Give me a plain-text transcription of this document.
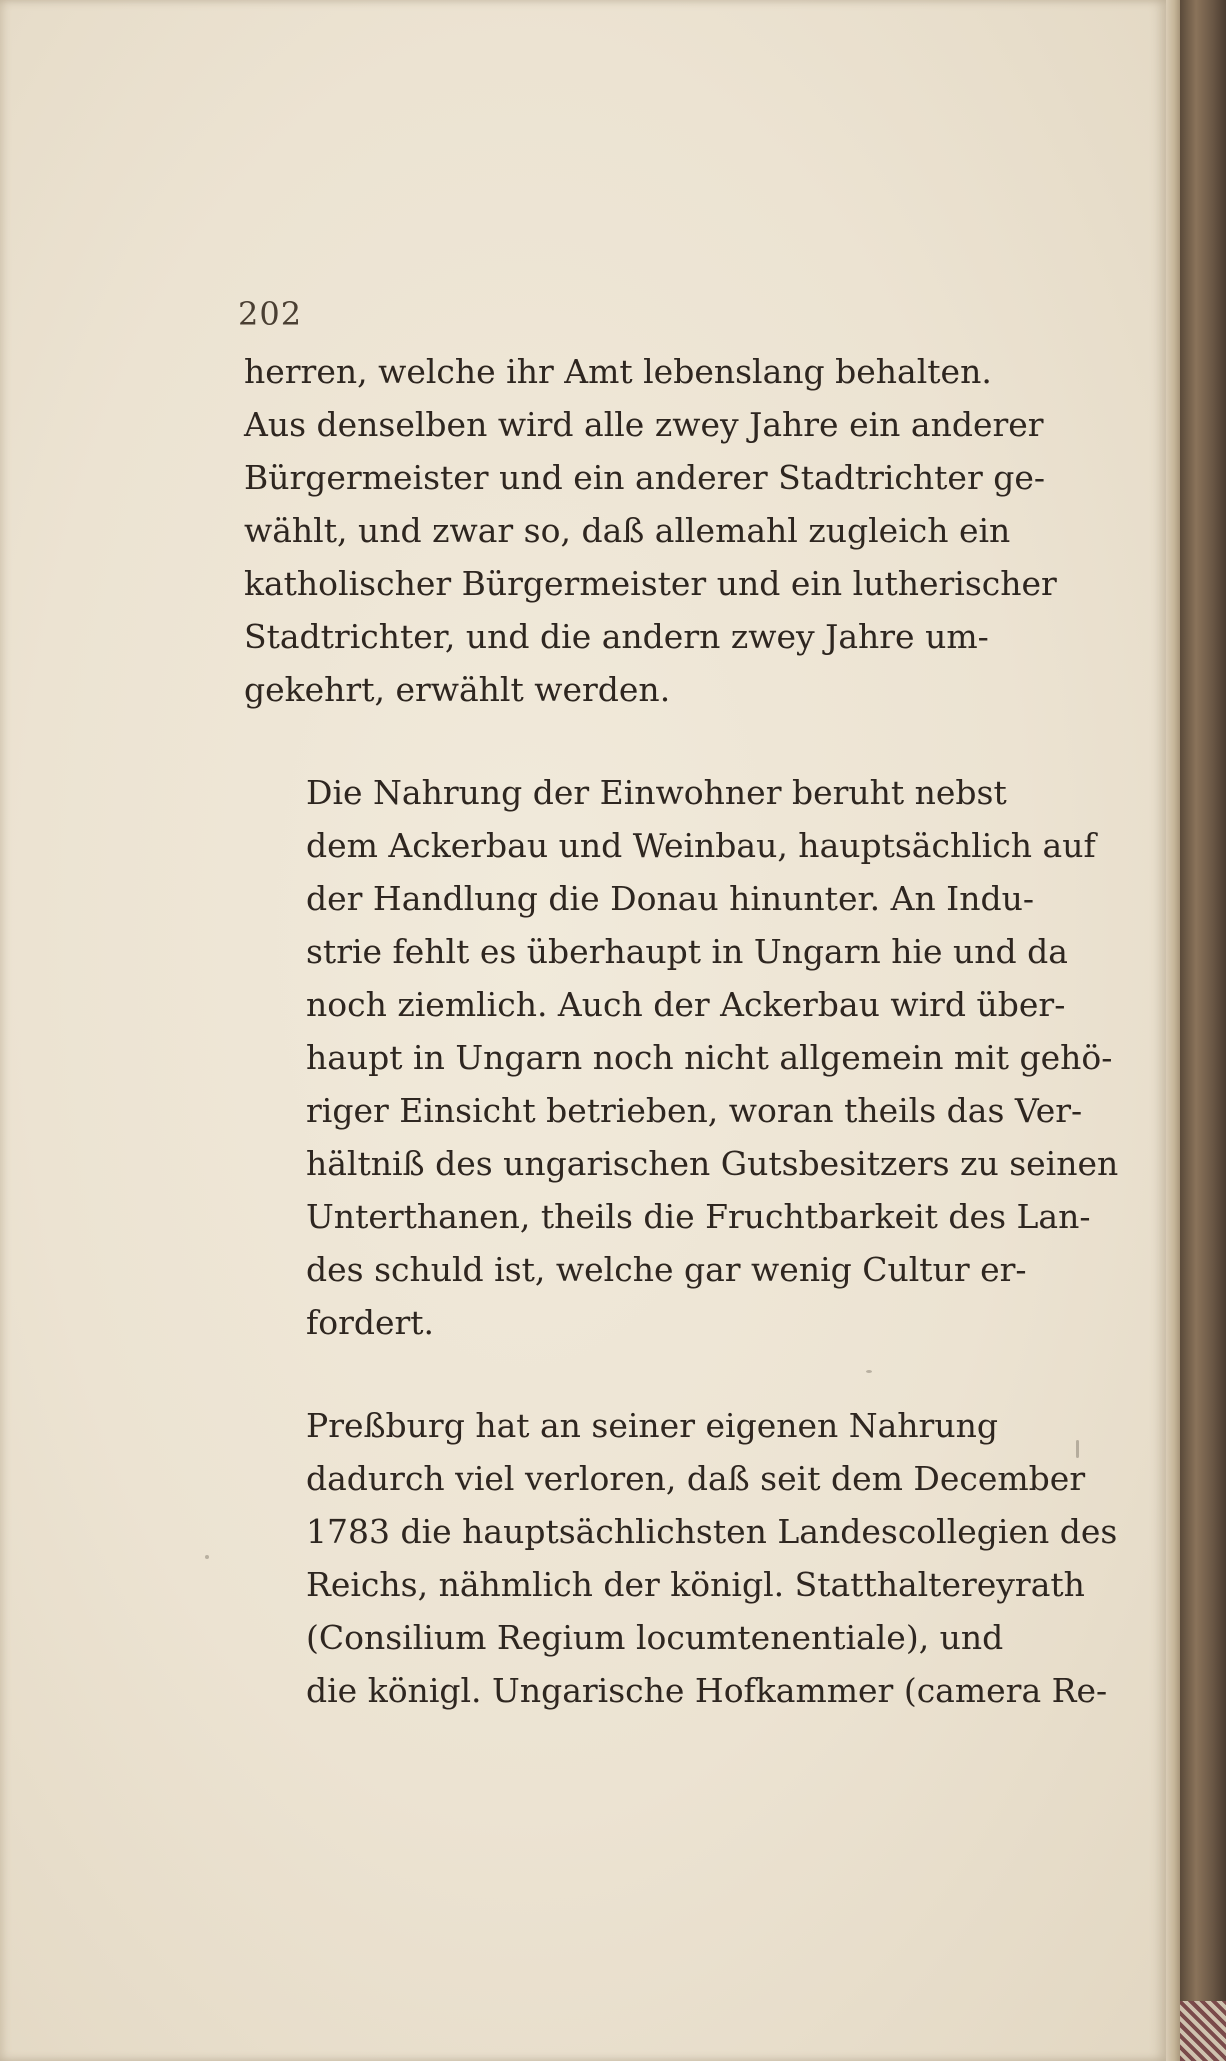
202

herren, welche ihr Amt lebenslang behalten.
Aus denselben wird alle zwey Jahre ein anderer
Bürgermeister und ein anderer Stadtrichter ge-
wählt, und zwar so, daß allemahl zugleich ein
katholischer Bürgermeister und ein lutherischer
Stadtrichter, und die andern zwey Jahre um-
gekehrt, erwählt werden.

Die Nahrung der Einwohner beruht nebst
dem Ackerbau und Weinbau, hauptsächlich auf
der Handlung die Donau hinunter. An Indu-
strie fehlt es überhaupt in Ungarn hie und da
noch ziemlich. Auch der Ackerbau wird über-
haupt in Ungarn noch nicht allgemein mit gehö-
riger Einsicht betrieben, woran theils das Ver-
hältniß des ungarischen Gutsbesitzers zu seinen
Unterthanen, theils die Fruchtbarkeit des Lan-
des schuld ist, welche gar wenig Cultur er-
fordert.

Preßburg hat an seiner eigenen Nahrung
dadurch viel verloren, daß seit dem December
1783 die hauptsächlichsten Landescollegien des
Reichs, nähmlich der königl. Statthaltereyrath
(Consilium Regium locumtenentiale), und
die königl. Ungarische Hofkammer (camera Re-
